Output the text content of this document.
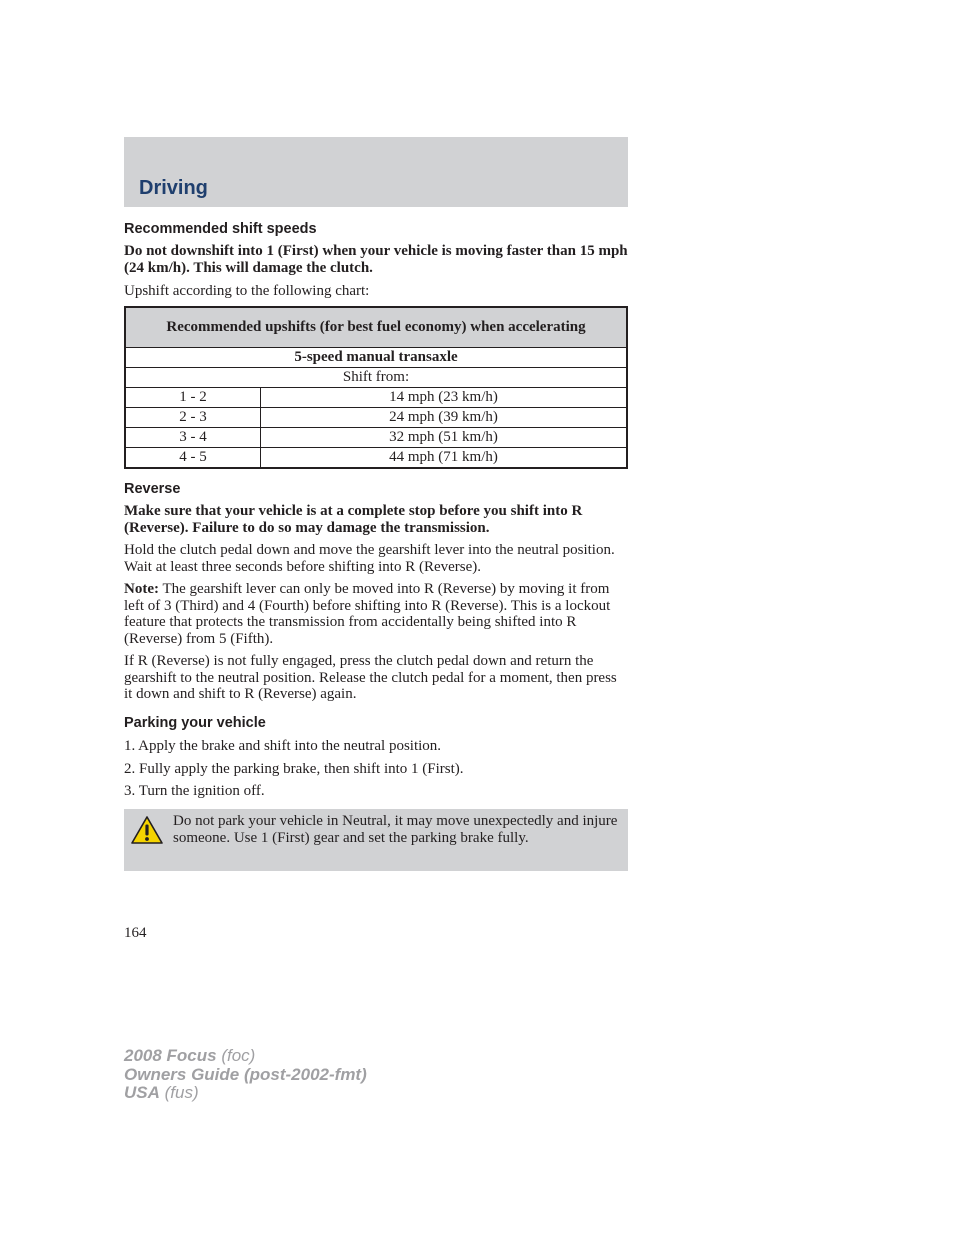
Driving
Recommended shift speeds
Do not downshift into 1 (First) when your vehicle is moving faster than 15 mph (24 km/h). This will damage the clutch.
Upshift according to the following chart:
Recommended upshifts (for best fuel economy) when accelerating	
5-speed manual transaxle	
Shift from:	
1 - 2	14 mph (23 km/h)
2 - 3	24 mph (39 km/h)
3 - 4	32 mph (51 km/h)
4 - 5	44 mph (71 km/h)
Reverse
Make sure that your vehicle is at a complete stop before you shift into R (Reverse). Failure to do so may damage the transmission.
Hold the clutch pedal down and move the gearshift lever into the neutral position. Wait at least three seconds before shifting into R (Reverse).
Note: The gearshift lever can only be moved into R (Reverse) by moving it from left of 3 (Third) and 4 (Fourth) before shifting into R (Reverse). This is a lockout feature that protects the transmission from accidentally being shifted into R (Reverse) from 5 (Fifth).
If R (Reverse) is not fully engaged, press the clutch pedal down and return the gearshift to the neutral position. Release the clutch pedal for a moment, then press it down and shift to R (Reverse) again.
Parking your vehicle
1. Apply the brake and shift into the neutral position.
2. Fully apply the parking brake, then shift into 1 (First).
3. Turn the ignition off.
Do not park your vehicle in Neutral, it may move unexpectedly and injure someone. Use 1 (First) gear and set the parking brake fully.
164
2008 Focus (foc)
Owners Guide (post-2002-fmt)
USA (fus)
